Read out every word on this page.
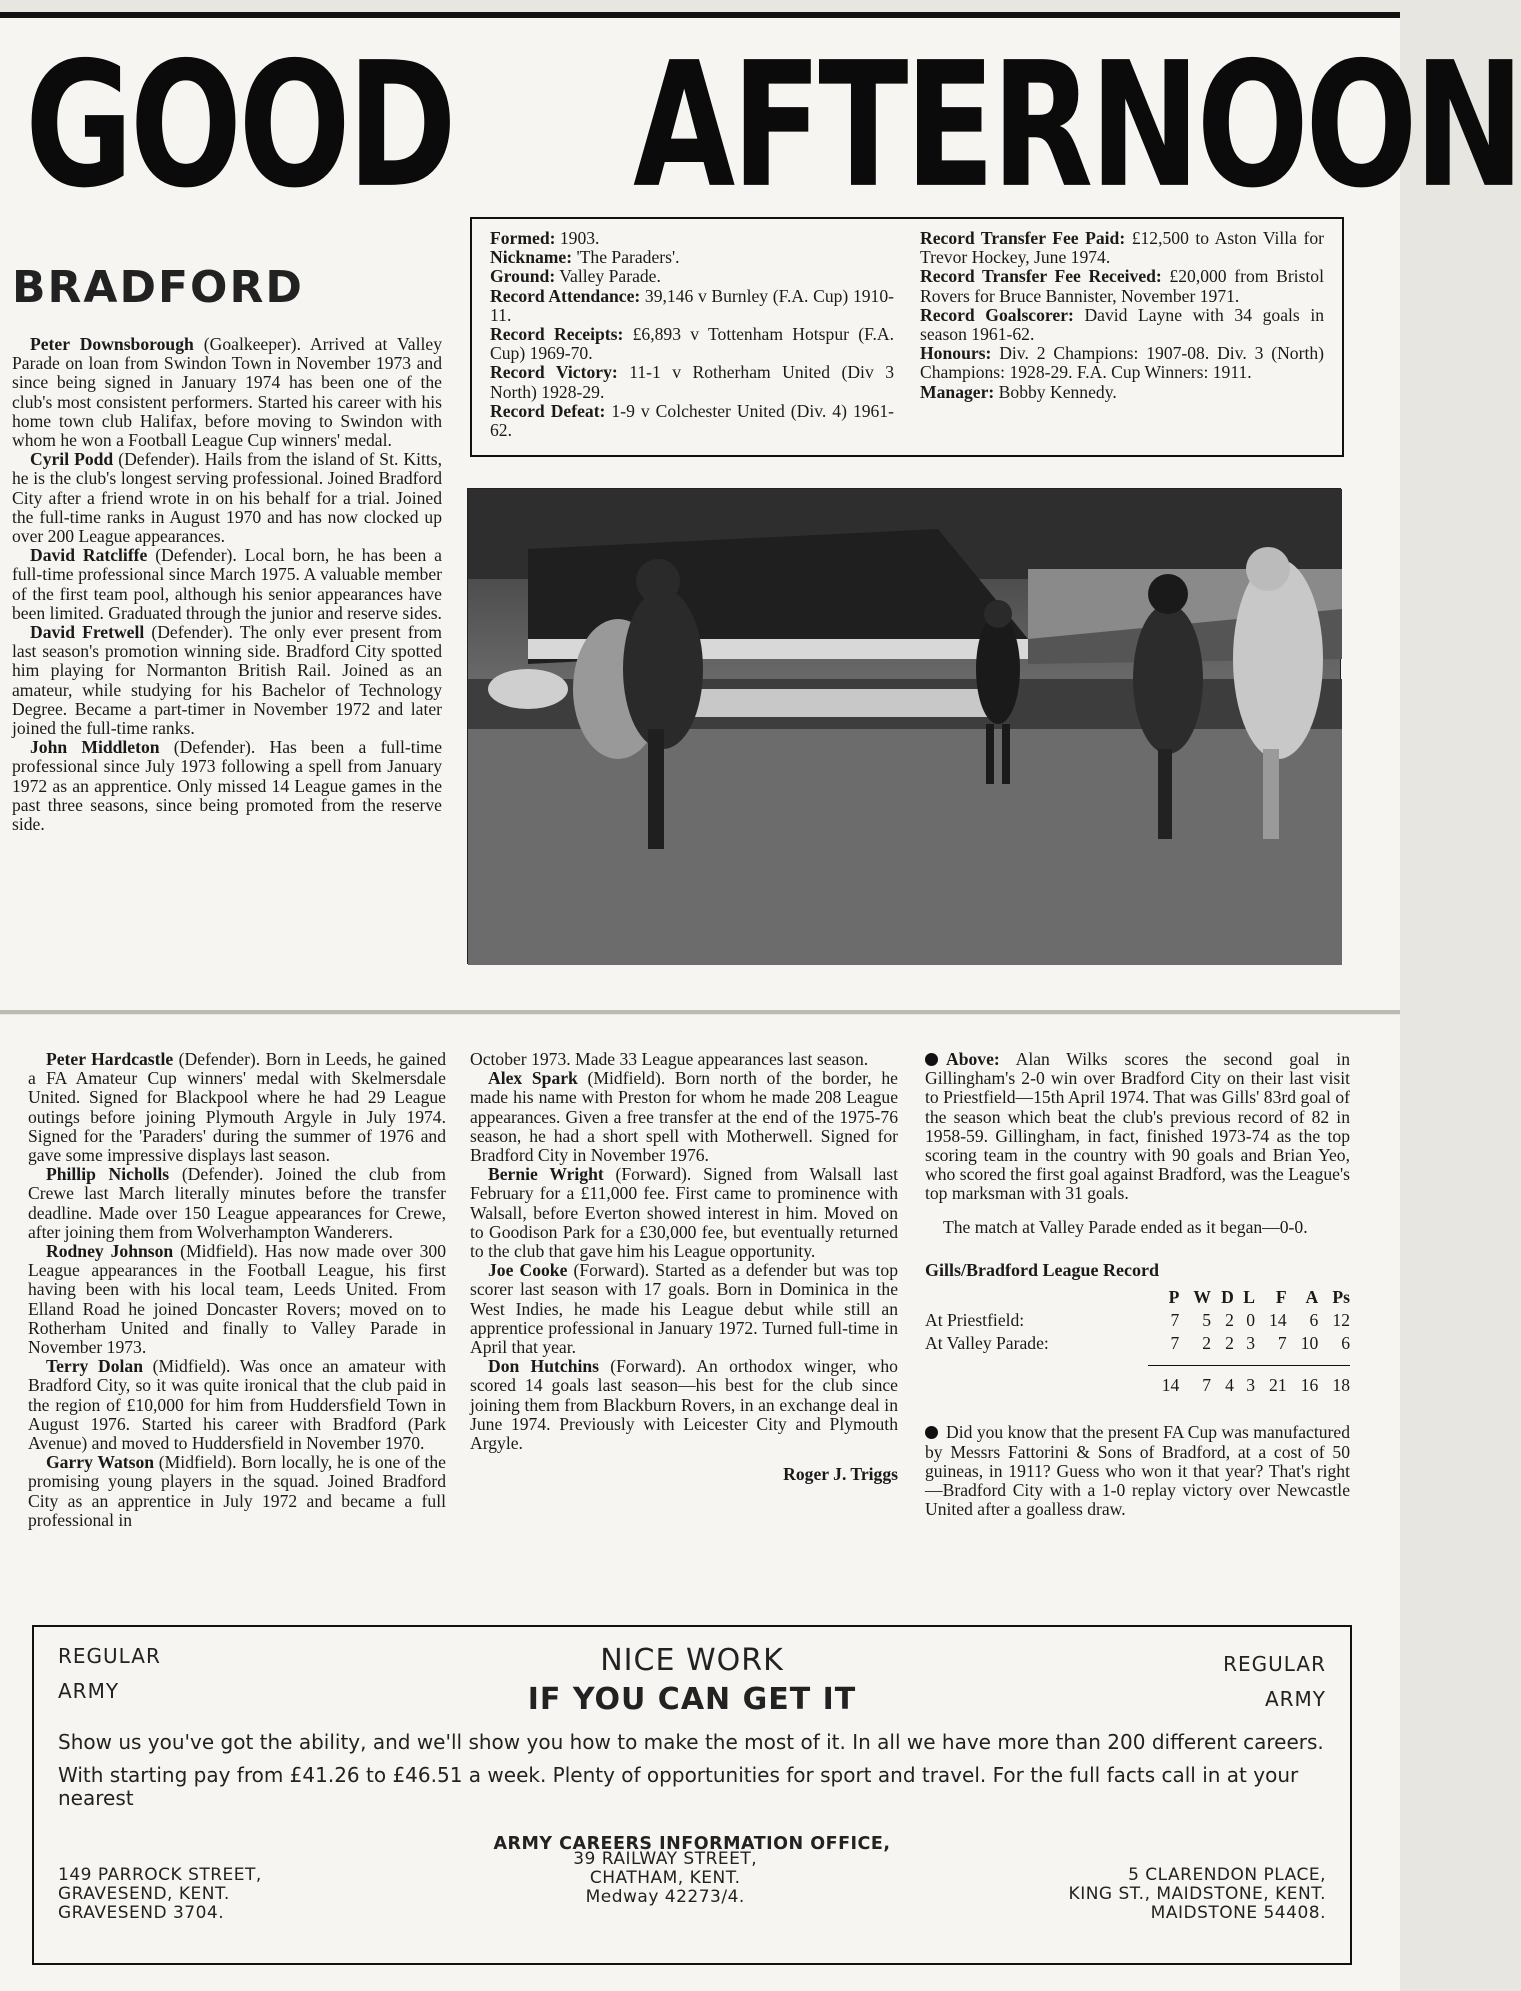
GOOD AFTERNOON
BRADFORD

Peter Downsborough (Goalkeeper). Arrived at Valley Parade on loan from Swindon Town in November 1973 and since being signed in January 1974 has been one of the club's most consistent performers. Started his career with his home town club Halifax, before moving to Swindon with whom he won a Football League Cup winners' medal.

Cyril Podd (Defender). Hails from the island of St. Kitts, he is the club's longest serving professional. Joined Bradford City after a friend wrote in on his behalf for a trial. Joined the full-time ranks in August 1970 and has now clocked up over 200 League appearances.

David Ratcliffe (Defender). Local born, he has been a full-time professional since March 1975. A valuable member of the first team pool, although his senior appearances have been limited. Graduated through the junior and reserve sides.

David Fretwell (Defender). The only ever present from last season's promotion winning side. Bradford City spotted him playing for Normanton British Rail. Joined as an amateur, while studying for his Bachelor of Technology Degree. Became a part-timer in November 1972 and later joined the full-time ranks.

John Middleton (Defender). Has been a full-time professional since July 1973 following a spell from January 1972 as an apprentice. Only missed 14 League games in the past three seasons, since being promoted from the reserve side.

Formed: 1903.
Nickname: 'The Paraders'.
Ground: Valley Parade.
Record Attendance: 39,146 v Burnley (F.A. Cup) 1910-11.
Record Receipts: £6,893 v Tottenham Hotspur (F.A. Cup) 1969-70.
Record Victory: 11-1 v Rotherham United (Div 3 North) 1928-29.
Record Defeat: 1-9 v Colchester United (Div. 4) 1961-62.
Record Transfer Fee Paid: £12,500 to Aston Villa for Trevor Hockey, June 1974.
Record Transfer Fee Received: £20,000 from Bristol Rovers for Bruce Bannister, November 1971.
Record Goalscorer: David Layne with 34 goals in season 1961-62.
Honours: Div. 2 Champions: 1907-08. Div. 3 (North) Champions: 1928-29. F.A. Cup Winners: 1911.
Manager: Bobby Kennedy.

Peter Hardcastle (Defender). Born in Leeds, he gained a FA Amateur Cup winners' medal with Skelmersdale United. Signed for Blackpool where he had 29 League outings before joining Plymouth Argyle in July 1974. Signed for the 'Paraders' during the summer of 1976 and gave some impressive displays last season.

Phillip Nicholls (Defender). Joined the club from Crewe last March literally minutes before the transfer deadline. Made over 150 League appearances for Crewe, after joining them from Wolverhampton Wanderers.

Rodney Johnson (Midfield). Has now made over 300 League appearances in the Football League, his first having been with his local team, Leeds United. From Elland Road he joined Doncaster Rovers; moved on to Rotherham United and finally to Valley Parade in November 1973.

Terry Dolan (Midfield). Was once an amateur with Bradford City, so it was quite ironical that the club paid in the region of £10,000 for him from Huddersfield Town in August 1976. Started his career with Bradford (Park Avenue) and moved to Huddersfield in November 1970.

Garry Watson (Midfield). Born locally, he is one of the promising young players in the squad. Joined Bradford City as an apprentice in July 1972 and became a full professional in

October 1973. Made 33 League appearances last season.

Alex Spark (Midfield). Born north of the border, he made his name with Preston for whom he made 208 League appearances. Given a free transfer at the end of the 1975-76 season, he had a short spell with Motherwell. Signed for Bradford City in November 1976.

Bernie Wright (Forward). Signed from Walsall last February for a £11,000 fee. First came to prominence with Walsall, before Everton showed interest in him. Moved on to Goodison Park for a £30,000 fee, but eventually returned to the club that gave him his League opportunity.

Joe Cooke (Forward). Started as a defender but was top scorer last season with 17 goals. Born in Dominica in the West Indies, he made his League debut while still an apprentice professional in January 1972. Turned full-time in April that year.

Don Hutchins (Forward). An orthodox winger, who scored 14 goals last season—his best for the club since joining them from Blackburn Rovers, in an exchange deal in June 1974. Previously with Leicester City and Plymouth Argyle.

Roger J. Triggs

Above: Alan Wilks scores the second goal in Gillingham's 2-0 win over Bradford City on their last visit to Priestfield—15th April 1974. That was Gills' 83rd goal of the season which beat the club's previous record of 82 in 1958-59. Gillingham, in fact, finished 1973-74 as the top scoring team in the country with 90 goals and Brian Yeo, who scored the first goal against Bradford, was the League's top marksman with 31 goals.

The match at Valley Parade ended as it began—0-0.

Gills/Bradford League Record
	P	W	D	L	F	A	Ps
At Priestfield:	7	5	2	0	14	6	12
At Valley Parade:	7	2	2	3	7	10	6

	14	7	4	3	21	16	18

Did you know that the present FA Cup was manufactured by Messrs Fattorini & Sons of Bradford, at a cost of 50 guineas, in 1911? Guess who won it that year? That's right—Bradford City with a 1-0 replay victory over Newcastle United after a goalless draw.

REGULAR
ARMY
REGULAR
ARMY
NICE WORK
IF YOU CAN GET IT

Show us you've got the ability, and we'll show you how to make the most of it. In all we have more than 200 different careers.

With starting pay from £41.26 to £46.51 a week. Plenty of opportunities for sport and travel. For the full facts call in at your nearest

ARMY CAREERS INFORMATION OFFICE,
149 PARROCK STREET,
GRAVESEND, KENT.
GRAVESEND 3704.
39 RAILWAY STREET,
CHATHAM, KENT.
Medway 42273/4.
5 CLARENDON PLACE,
KING ST., MAIDSTONE, KENT.
MAIDSTONE 54408.
